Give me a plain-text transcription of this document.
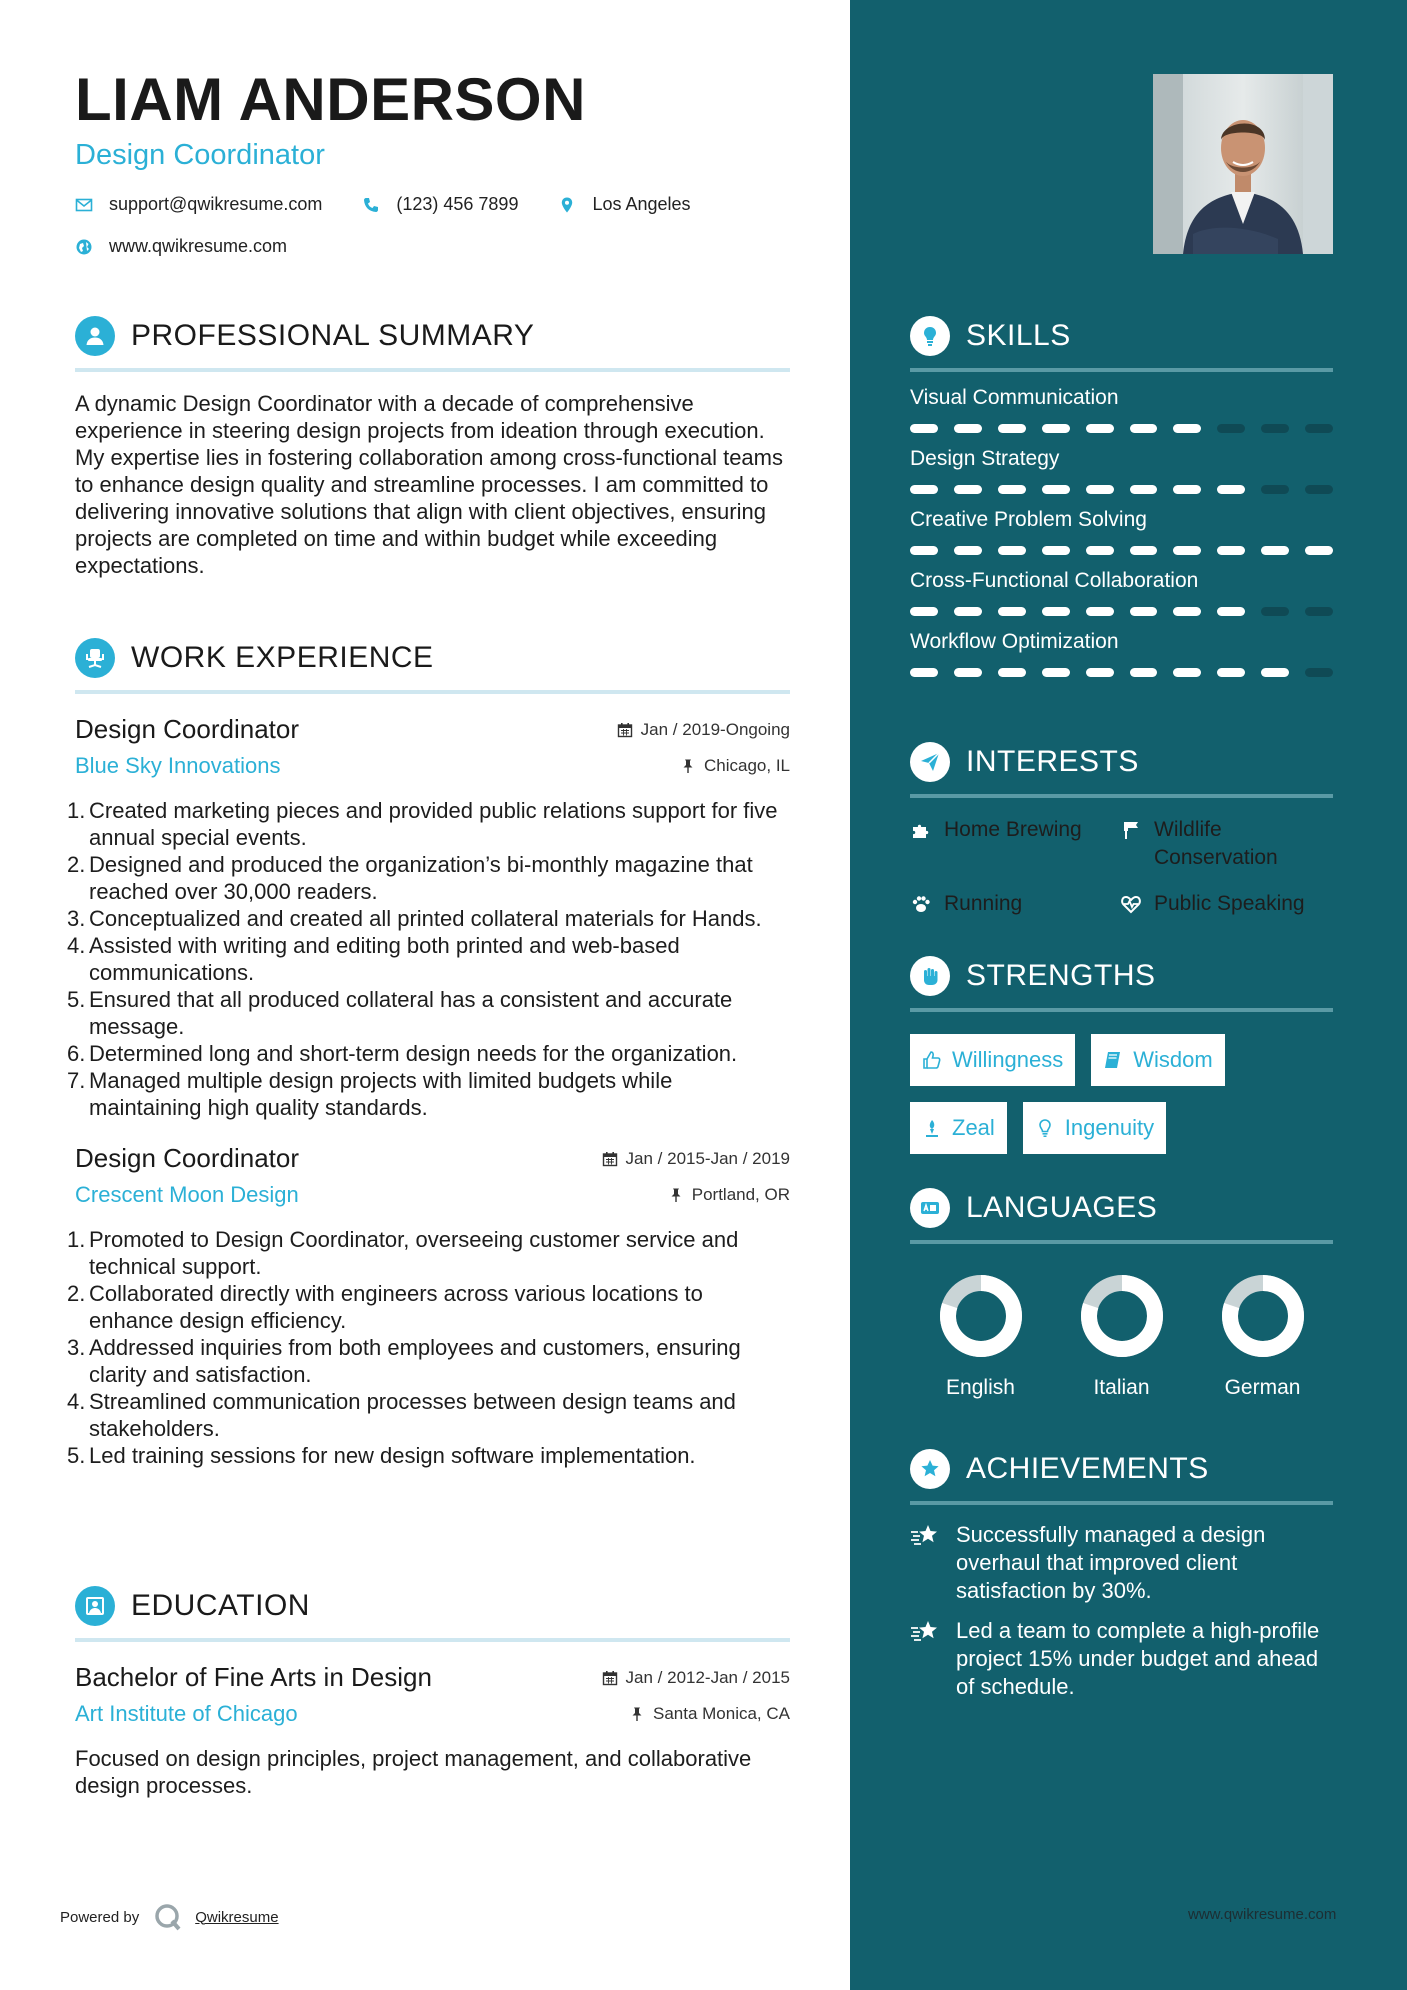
LIAM ANDERSON
Design Coordinator
support@qwikresume.com	(123) 456 7899	Los Angeles
www.qwikresume.com
PROFESSIONAL SUMMARY
A dynamic Design Coordinator with a decade of comprehensive experience in steering design projects from ideation through execution. My expertise lies in fostering collaboration among cross-functional teams to enhance design quality and streamline processes. I am committed to delivering innovative solutions that align with client objectives, ensuring projects are completed on time and within budget while exceeding expectations.
WORK EXPERIENCE
Design Coordinator	Jan / 2019-Ongoing
Blue Sky Innovations	Chicago, IL
1. Created marketing pieces and provided public relations support for five annual special events.
2. Designed and produced the organization’s bi-monthly magazine that reached over 30,000 readers.
3. Conceptualized and created all printed collateral materials for Hands.
4. Assisted with writing and editing both printed and web-based communications.
5. Ensured that all produced collateral has a consistent and accurate message.
6. Determined long and short-term design needs for the organization.
7. Managed multiple design projects with limited budgets while maintaining high quality standards.
Design Coordinator	Jan / 2015-Jan / 2019
Crescent Moon Design	Portland, OR
1. Promoted to Design Coordinator, overseeing customer service and technical support.
2. Collaborated directly with engineers across various locations to enhance design efficiency.
3. Addressed inquiries from both employees and customers, ensuring clarity and satisfaction.
4. Streamlined communication processes between design teams and stakeholders.
5. Led training sessions for new design software implementation.
EDUCATION
Bachelor of Fine Arts in Design	Jan / 2012-Jan / 2015
Art Institute of Chicago	Santa Monica, CA
Focused on design principles, project management, and collaborative design processes.
SKILLS
Visual Communication
Design Strategy
Creative Problem Solving
Cross-Functional Collaboration
Workflow Optimization
INTERESTS
Home Brewing	Wildlife Conservation
Running	Public Speaking
STRENGTHS
Willingness	Wisdom
Zeal	Ingenuity
LANGUAGES
English	Italian	German
ACHIEVEMENTS
Successfully managed a design overhaul that improved client satisfaction by 30%.
Led a team to complete a high-profile project 15% under budget and ahead of schedule.
Powered by	Qwikresume	www.qwikresume.com
